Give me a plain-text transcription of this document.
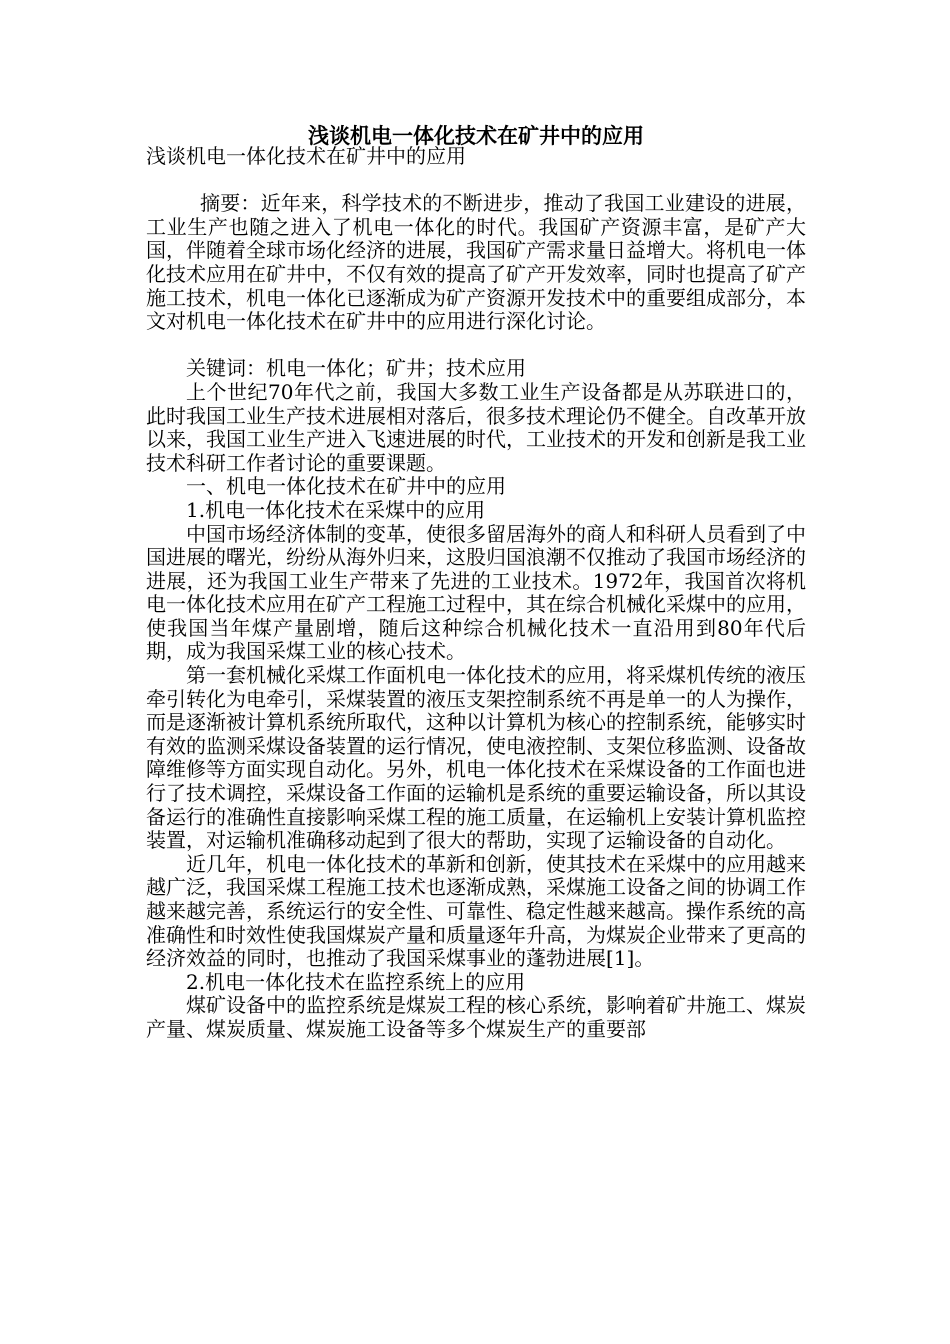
浅谈机电一体化技术在矿井中的应用

浅谈机电一体化技术在矿井中的应用

摘要：近年来，科学技术的不断进步，推动了我国工业建设的进展，工业生产也随之进入了机电一体化的时代。我国矿产资源丰富，是矿产大国，伴随着全球市场化经济的进展，我国矿产需求量日益增大。将机电一体化技术应用在矿井中，不仅有效的提高了矿产开发效率，同时也提高了矿产施工技术，机电一体化已逐渐成为矿产资源开发技术中的重要组成部分，本文对机电一体化技术在矿井中的应用进行深化讨论。

关键词：机电一体化；矿井；技术应用

上个世纪70年代之前，我国大多数工业生产设备都是从苏联进口的，此时我国工业生产技术进展相对落后，很多技术理论仍不健全。自改革开放以来，我国工业生产进入飞速进展的时代，工业技术的开发和创新是我工业技术科研工作者讨论的重要课题。

一、机电一体化技术在矿井中的应用

1.机电一体化技术在采煤中的应用

中国市场经济体制的变革，使很多留居海外的商人和科研人员看到了中国进展的曙光，纷纷从海外归来，这股归国浪潮不仅推动了我国市场经济的进展，还为我国工业生产带来了先进的工业技术。1972年，我国首次将机电一体化技术应用在矿产工程施工过程中，其在综合机械化采煤中的应用，使我国当年煤产量剧增，随后这种综合机械化技术一直沿用到80年代后期，成为我国采煤工业的核心技术。

第一套机械化采煤工作面机电一体化技术的应用，将采煤机传统的液压牵引转化为电牵引，采煤装置的液压支架控制系统不再是单一的人为操作，而是逐渐被计算机系统所取代，这种以计算机为核心的控制系统，能够实时有效的监测采煤设备装置的运行情况，使电液控制、支架位移监测、设备故障维修等方面实现自动化。另外，机电一体化技术在采煤设备的工作面也进行了技术调控，采煤设备工作面的运输机是系统的重要运输设备，所以其设备运行的准确性直接影响采煤工程的施工质量，在运输机上安装计算机监控装置，对运输机准确移动起到了很大的帮助，实现了运输设备的自动化。

近几年，机电一体化技术的革新和创新，使其技术在采煤中的应用越来越广泛，我国采煤工程施工技术也逐渐成熟，采煤施工设备之间的协调工作越来越完善，系统运行的安全性、可靠性、稳定性越来越高。操作系统的高准确性和时效性使我国煤炭产量和质量逐年升高，为煤炭企业带来了更高的经济效益的同时，也推动了我国采煤事业的蓬勃进展[1]。

2.机电一体化技术在监控系统上的应用

煤矿设备中的监控系统是煤炭工程的核心系统，影响着矿井施工、煤炭产量、煤炭质量、煤炭施工设备等多个煤炭生产的重要部
